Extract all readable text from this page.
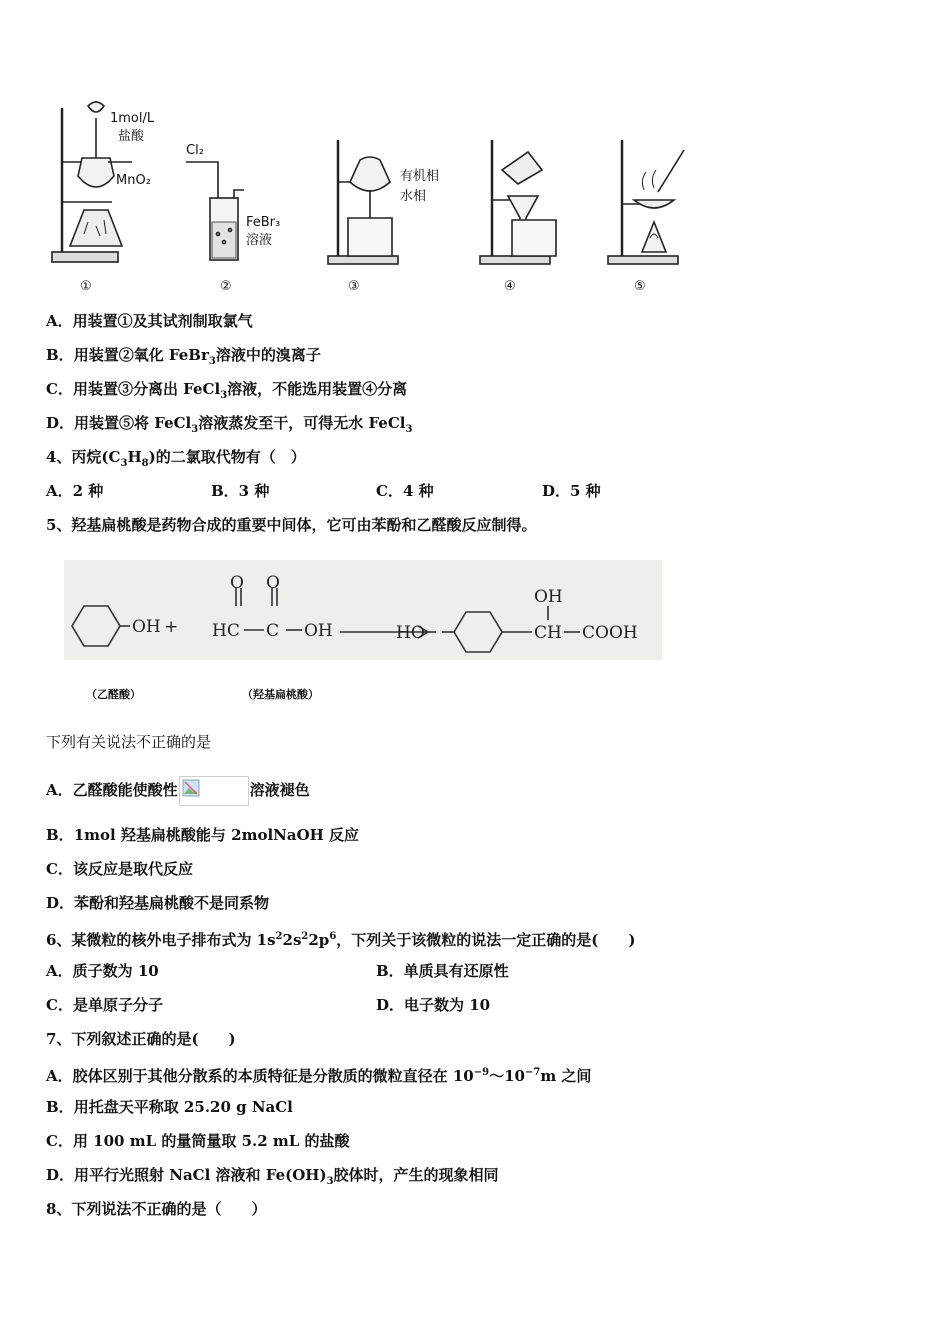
1mol/L
盐酸
MnO₂
Cl₂
FeBr₃
溶液
有机相
水相
①	②	③	④	⑤
A．用装置①及其试剂制取氯气
B．用装置②氧化 FeBr$_3$溶液中的溴离子
C．用装置③分离出 FeCl$_3$溶液，不能选用装置④分离
D．用装置⑤将 FeCl$_3$溶液蒸发至干，可得无水 FeCl$_3$
4、丙烷$(C_3H_8)$的二氯取代物有（　）
A．2 种	B．3 种	C．4 种	D．5 种
5、羟基扁桃酸是药物合成的重要中间体，它可由苯酚和乙醛酸反应制得。
OH +
O O
HC C OH	HO
OH
CH COOH
（乙醛酸）	（羟基扁桃酸）
下列有关说法不正确的是
A．乙醛酸能使酸性	溶液褪色
B．1mol 羟基扁桃酸能与 2molNaOH 反应
C．该反应是取代反应
D．苯酚和羟基扁桃酸不是同系物
6、某微粒的核外电子排布式为 $1s^22s^22p^6$，下列关于该微粒的说法一定正确的是(　　)
A．质子数为 10	B．单质具有还原性
C．是单原子分子	D．电子数为 10
7、下列叙述正确的是(　　)
A．胶体区别于其他分散系的本质特征是分散质的微粒直径在 $10^{-9}\sim 10^{-7}m$ 之间
B．用托盘天平称取 25.20 g NaCl
C．用 100 mL 的量筒量取 5.2 mL 的盐酸
D．用平行光照射 NaCl 溶液和 $Fe(OH)_3$胶体时，产生的现象相同
8、下列说法不正确的是（　　）
